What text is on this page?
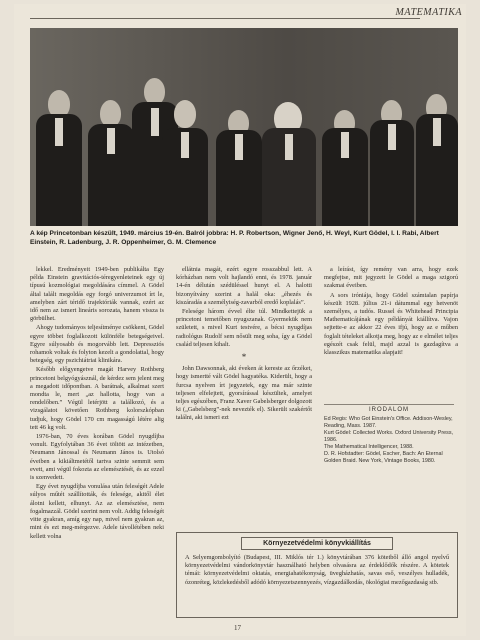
MATEMATIKA
A kép Princetonban készült, 1949. március 19-én. Balról jobbra: H. P. Robertson, Wigner Jenő, H. Weyl, Kurt Gödel, I. I. Rabi, Albert Einstein, R. Ladenburg, J. R. Oppenheimer, G. M. Clemence

lekkel. Eredményeit 1949-ben publikálta Egy példa Einstein gravitációs-téregyenleteinek egy új típusú kozmológiai megoldására címmel. A Gödel által talált megoldás egy forgó univerzumot írt le, amelyben zárt téridő trajektóriák vannak, ezért az idő nem az ismert lineáris sorozata, hanem vissza is görbülhet.

Ahogy tudományos teljesítménye csökkent, Gödel egyre többet foglalkozott különféle betegségeivel. Egyre súlyosabb és mogorvább lett. Depressziós rohamok voltak és folyton kezelt a gondolattal, hogy betegség, egy pszichiátriai klinikára.

Később előgyengetve magát Harvey Rothberg princetoni belgyógyásznál, de kérdez sem jelent meg a megadott időpontban. A barátnak, alkalmat szert mondta le, mert „az hallotta, hogy van a rendelőben.” Végül letérjött a találkozó, és a vizsgálatot követően Rothberg kolorszkópban tudjuk, hogy Gödel 170 cm magasságú létére alig tett 46 kg volt.

1976-ban, 70 éves korában Gödel nyugdíjba vonult. Egyfolytában 36 évet töltött az intézetben, Neumann Jánossal és Neumann János is. Utolsó éveiben a kikiáltmetétől tartva szinte semmit sem evett, ami végül fokozta az elemésztését, és az ezzel is szenvedett.

Egy évet nyugdíjba vonulása után feleségét Adele súlyos műtét szállították, és felesége, akitől élet álotni kellett, elhunyt. Az az elemésztése, nem fogalmazzál. Gödel szerint nem volt. Addig feleségét vitte gyakran, amíg egy nap, mivel nem gyakran az, mint és ezt meg-mérgezve. Adele távollétében neki kellett volna

ellátnia magát, ezért egyre rosszabbul lett. A kórházban nem volt hajlandó enni, és 1978. január 14-én délután szédüléssel hunyt el. A halotti bizonyítvány szerint a halál oka: „éhezés és kiszáradás a személyiség-zavarból eredő koplalás”.

Felesége három évvel élte túl. Mindkettejük a princetoni temetőben nyugszanak. Gyermekük nem született, s mivel Kurt testvére, a bécsi nyugdíjas radiológus Rudolf sem nősült meg soha, így a Gödel család teljesen kihalt.

*

John Dawsonnak, aki éveken át kereste az őrzéket, hogy ismertté vált Gödel hagyatéka. Kiderült, hogy a furcsa nyelven írt jegyzetek, egy ma már szinte teljesen elfelejtett, gyorsírással készültek, amelyet teljes egészében, Franz Xaver Gabelsberger dolgozott ki („Gabelsberg”-nek nevezték el). Sikerült szakértőt találni, aki ismeri ezt

a leírást, így remény van arra, hogy ezek megfejtse, mit jegyzett le Gödel a maga szigorú szakmai éveiben.

A sors iróniája, hogy Gödel számtalan papírja készült 1928. július 21-i dátummal egy hetvenöt személyes, a tudós. Russel és Whitehead Principia Mathematicájának egy példányát kiállítva. Vajon sejtette-e az akkor 22 éves ifjú, hogy az e műben foglalt tételeket alkotja meg, hogy az e elmélet teljes egészét csak felül, majd azzal is gazdagítva a klasszikus matematika alapjait!

IRODALOM
Ed Regis: Who Got Einstein's Office. Addison-Wesley, Reading, Mass. 1987.
Kurt Gödel: Collected Works. Oxford University Press, 1986.
The Mathematical Intelligencer, 1988.
D. R. Hofstadter: Gödel, Escher, Bach: An Eternal Golden Braid. New York, Vintage Books, 1980.
Környezetvédelmi könyvkiállítás
A Selyemgombolyító (Budapest, III. Miklós tér 1.) könyvtárában 376 kötetből álló angol nyelvű környezetvédelmi vándorkönyvtár használható helyben olvasásra az érdeklődők részére. A kötetek témái: környezetvédelmi oktatás, energiahatékonyság, üvegházhatás, savas eső, veszélyes hulladék, ózonréteg, közlekedésből adódó környezetszennyezés, vízgazdálkodás, ökológiai mezőgazdaság stb.
17
